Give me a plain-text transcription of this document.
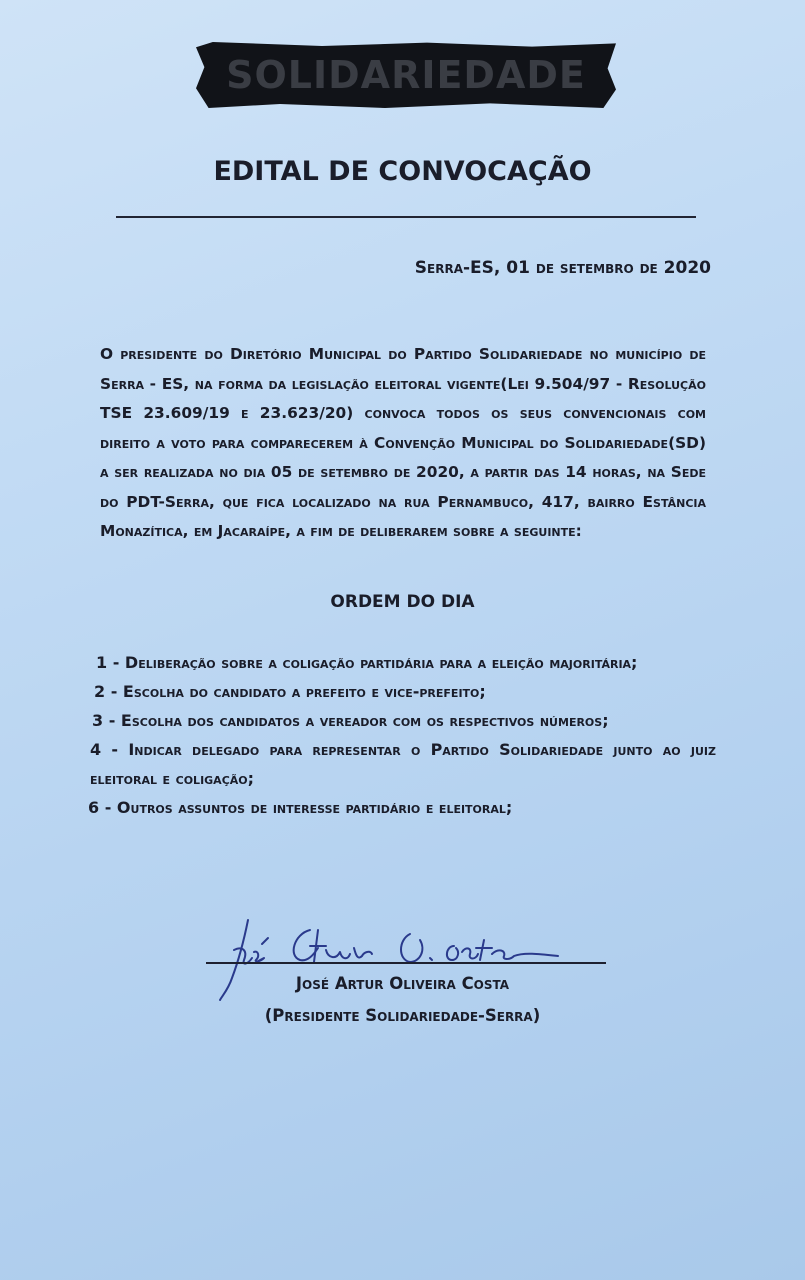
SOLIDARIEDADE
EDITAL DE CONVOCAÇÃO
Serra-ES, 01 de setembro de 2020
O presidente do Diretório Municipal do Partido Solidariedade no município de Serra - ES, na forma da legislação eleitoral vigente(Lei 9.504/97 - Resolução TSE 23.609/19 e 23.623/20) convoca todos os seus convencionais com direito a voto para comparecerem à Convenção Municipal do Solidariedade(SD) a ser realizada no dia 05 de setembro de 2020, a partir das 14 horas, na Sede do PDT-Serra, que fica localizado na rua Pernambuco, 417, bairro Estância Monazítica, em Jacaraípe, a fim de deliberarem sobre a seguinte:
ORDEM DO DIA
1 - Deliberação sobre a coligação partidária para a eleição majoritária;
2 - Escolha do candidato a prefeito e vice-prefeito;
3 - Escolha dos candidatos a vereador com os respectivos números;
4 - Indicar delegado para representar o Partido Solidariedade junto ao juiz eleitoral e coligação;
6 - Outros assuntos de interesse partidário e eleitoral;
José Artur Oliveira Costa
(Presidente Solidariedade-Serra)
